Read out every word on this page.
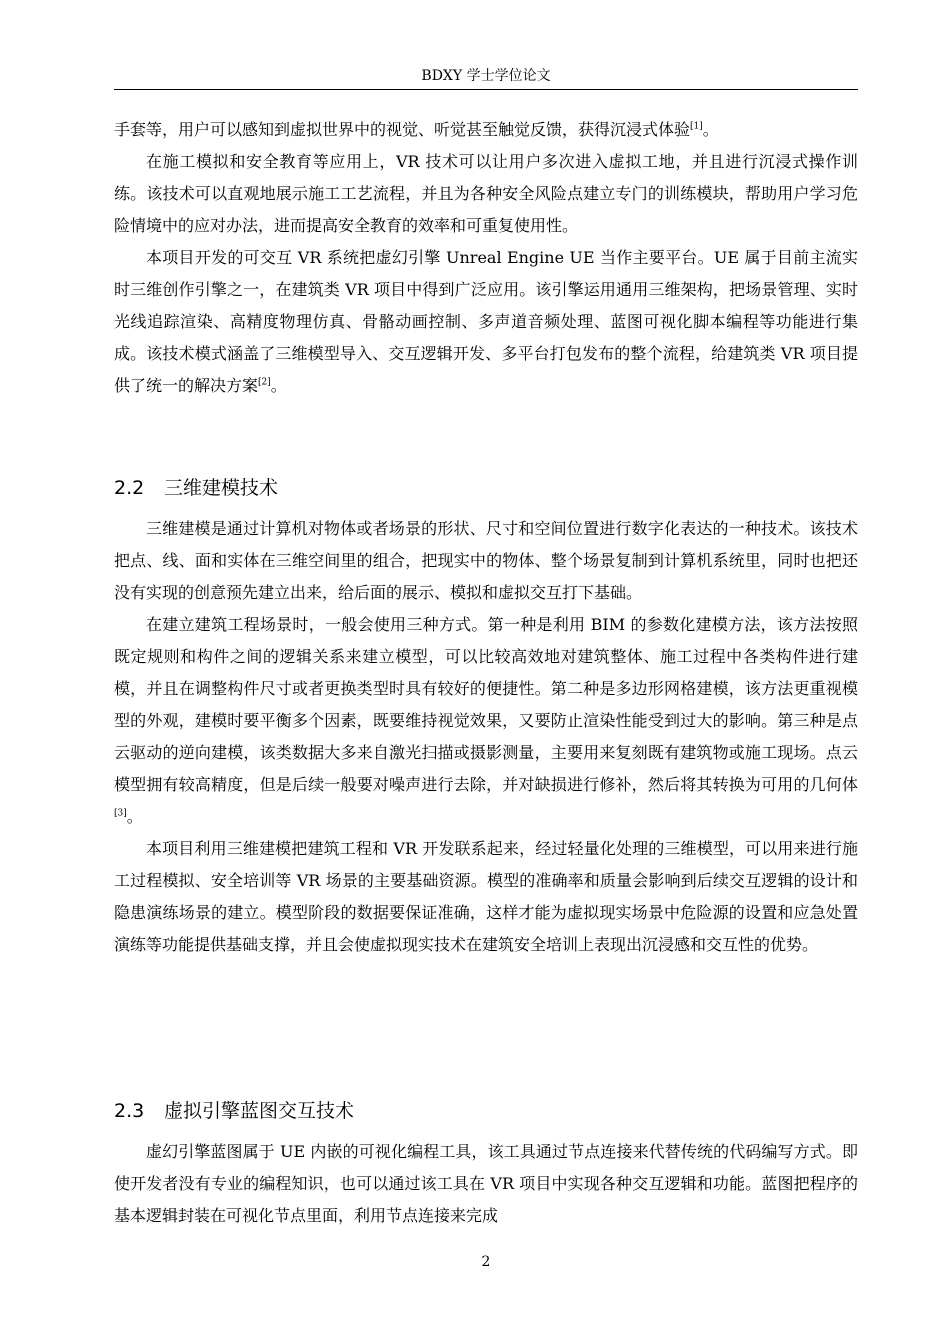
BDXY 学士学位论文

手套等，用户可以感知到虚拟世界中的视觉、听觉甚至触觉反馈，获得沉浸式体验[1]。

在施工模拟和安全教育等应用上，VR 技术可以让用户多次进入虚拟工地，并且进行沉浸式操作训练。该技术可以直观地展示施工工艺流程，并且为各种安全风险点建立专门的训练模块，帮助用户学习危险情境中的应对办法，进而提高安全教育的效率和可重复使用性。

本项目开发的可交互 VR 系统把虚幻引擎 Unreal Engine UE 当作主要平台。UE 属于目前主流实时三维创作引擎之一，在建筑类 VR 项目中得到广泛应用。该引擎运用通用三维架构，把场景管理、实时光线追踪渲染、高精度物理仿真、骨骼动画控制、多声道音频处理、蓝图可视化脚本编程等功能进行集成。该技术模式涵盖了三维模型导入、交互逻辑开发、多平台打包发布的整个流程，给建筑类 VR 项目提供了统一的解决方案[2]。

2.2 三维建模技术

三维建模是通过计算机对物体或者场景的形状、尺寸和空间位置进行数字化表达的一种技术。该技术把点、线、面和实体在三维空间里的组合，把现实中的物体、整个场景复制到计算机系统里，同时也把还没有实现的创意预先建立出来，给后面的展示、模拟和虚拟交互打下基础。

在建立建筑工程场景时，一般会使用三种方式。第一种是利用 BIM 的参数化建模方法，该方法按照既定规则和构件之间的逻辑关系来建立模型，可以比较高效地对建筑整体、施工过程中各类构件进行建模，并且在调整构件尺寸或者更换类型时具有较好的便捷性。第二种是多边形网格建模，该方法更重视模型的外观，建模时要平衡多个因素，既要维持视觉效果，又要防止渲染性能受到过大的影响。第三种是点云驱动的逆向建模，该类数据大多来自激光扫描或摄影测量，主要用来复刻既有建筑物或施工现场。点云模型拥有较高精度，但是后续一般要对噪声进行去除，并对缺损进行修补，然后将其转换为可用的几何体[3]。

本项目利用三维建模把建筑工程和 VR 开发联系起来，经过轻量化处理的三维模型，可以用来进行施工过程模拟、安全培训等 VR 场景的主要基础资源。模型的准确率和质量会影响到后续交互逻辑的设计和隐患演练场景的建立。模型阶段的数据要保证准确，这样才能为虚拟现实场景中危险源的设置和应急处置演练等功能提供基础支撑，并且会使虚拟现实技术在建筑安全培训上表现出沉浸感和交互性的优势。

2.3 虚拟引擎蓝图交互技术

虚幻引擎蓝图属于 UE 内嵌的可视化编程工具，该工具通过节点连接来代替传统的代码编写方式。即使开发者没有专业的编程知识，也可以通过该工具在 VR 项目中实现各种交互逻辑和功能。蓝图把程序的基本逻辑封装在可视化节点里面，利用节点连接来完成

2
